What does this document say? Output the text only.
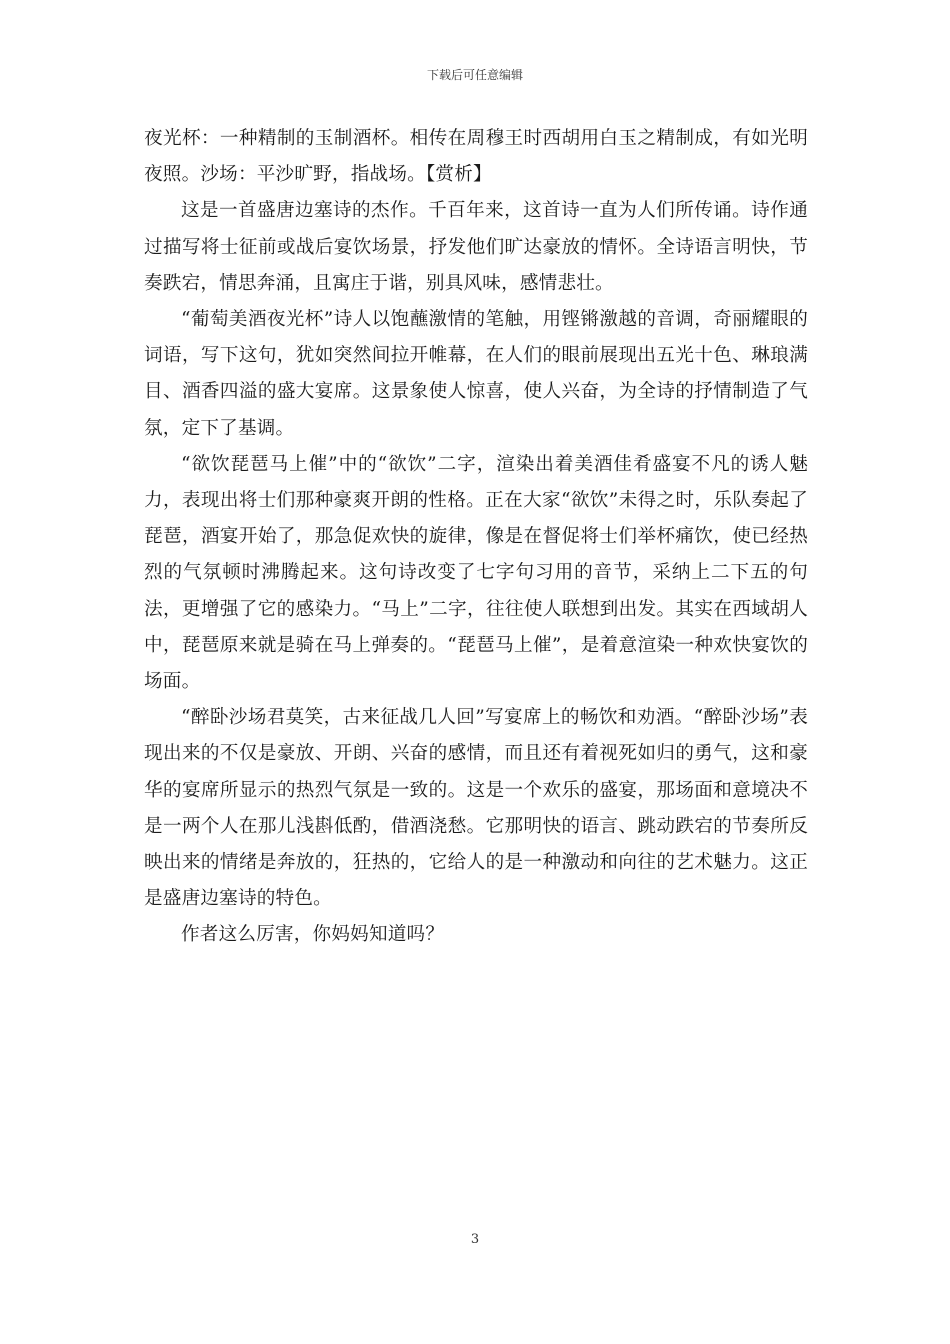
下载后可任意编辑

夜光杯：一种精制的玉制酒杯。相传在周穆王时西胡用白玉之精制成，有如光明夜照。沙场：平沙旷野，指战场。【赏析】

这是一首盛唐边塞诗的杰作。千百年来，这首诗一直为人们所传诵。诗作通过描写将士征前或战后宴饮场景，抒发他们旷达豪放的情怀。全诗语言明快，节奏跌宕，情思奔涌，且寓庄于谐，别具风味，感情悲壮。

“葡萄美酒夜光杯”诗人以饱蘸激情的笔触，用铿锵激越的音调，奇丽耀眼的词语，写下这句，犹如突然间拉开帷幕，在人们的眼前展现出五光十色、琳琅满目、酒香四溢的盛大宴席。这景象使人惊喜，使人兴奋，为全诗的抒情制造了气氛，定下了基调。

“欲饮琵琶马上催”中的“欲饮”二字，渲染出着美酒佳肴盛宴不凡的诱人魅力，表现出将士们那种豪爽开朗的性格。正在大家“欲饮”未得之时，乐队奏起了琵琶，酒宴开始了，那急促欢快的旋律，像是在督促将士们举杯痛饮，使已经热烈的气氛顿时沸腾起来。这句诗改变了七字句习用的音节，采纳上二下五的句法，更增强了它的感染力。“马上”二字，往往使人联想到出发。其实在西域胡人中，琵琶原来就是骑在马上弹奏的。“琵琶马上催”，是着意渲染一种欢快宴饮的场面。

“醉卧沙场君莫笑，古来征战几人回”写宴席上的畅饮和劝酒。“醉卧沙场”表现出来的不仅是豪放、开朗、兴奋的感情，而且还有着视死如归的勇气，这和豪华的宴席所显示的热烈气氛是一致的。这是一个欢乐的盛宴，那场面和意境决不是一两个人在那儿浅斟低酌，借酒浇愁。它那明快的语言、跳动跌宕的节奏所反映出来的情绪是奔放的，狂热的，它给人的是一种激动和向往的艺术魅力。这正是盛唐边塞诗的特色。

作者这么厉害，你妈妈知道吗？

3
